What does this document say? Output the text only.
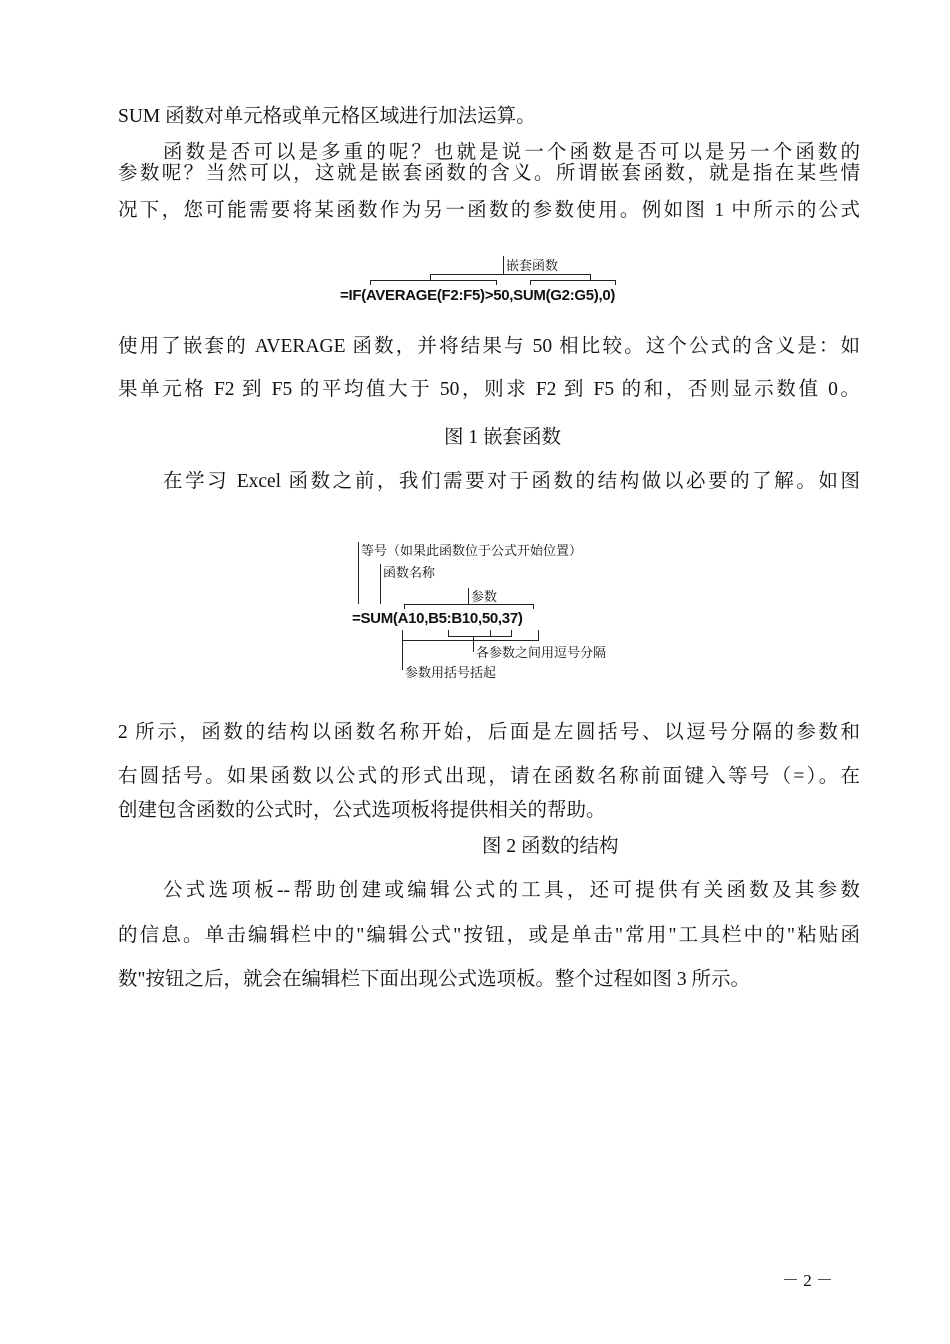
SUM 函数对单元格或单元格区域进行加法运算。
函数是否可以是多重的呢？也就是说一个函数是否可以是另一个函数的
参数呢？当然可以，这就是嵌套函数的含义。所谓嵌套函数，就是指在某些情
况下，您可能需要将某函数作为另一函数的参数使用。例如图 1 中所示的公式
嵌套函数
=IF(AVERAGE(F2:F5)>50,SUM(G2:G5),0)
使用了嵌套的 AVERAGE 函数，并将结果与 50 相比较。这个公式的含义是：如
果单元格 F2 到 F5 的平均值大于 50，则求 F2 到 F5 的和，否则显示数值 0。
图 1 嵌套函数
在学习 Excel 函数之前，我们需要对于函数的结构做以必要的了解。如图
等号（如果此函数位于公式开始位置）
函数名称
参数
=SUM(A10,B5:B10,50,37)
各参数之间用逗号分隔
参数用括号括起
2 所示，函数的结构以函数名称开始，后面是左圆括号、以逗号分隔的参数和
右圆括号。如果函数以公式的形式出现，请在函数名称前面键入等号（=）。在
创建包含函数的公式时，公式选项板将提供相关的帮助。
图 2 函数的结构
公式选项板--帮助创建或编辑公式的工具，还可提供有关函数及其参数
的信息。单击编辑栏中的"编辑公式"按钮，或是单击"常用"工具栏中的"粘贴函
数"按钮之后，就会在编辑栏下面出现公式选项板。整个过程如图 3 所示。
－ 2 －
